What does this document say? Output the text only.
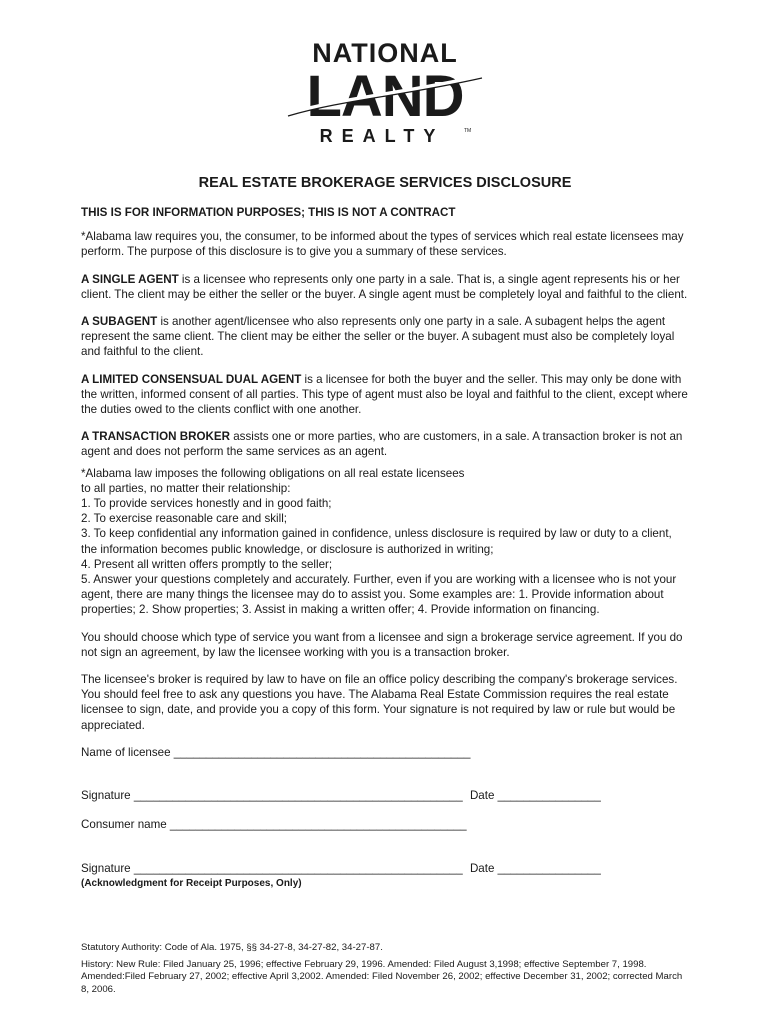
NATIONAL
LAND
REALTY	TM
REAL ESTATE BROKERAGE SERVICES DISCLOSURE

THIS IS FOR INFORMATION PURPOSES; THIS IS NOT A CONTRACT

*Alabama law requires you, the consumer, to be informed about the types of services which real estate licensees may perform. The purpose of this disclosure is to give you a summary of these services.

A SINGLE AGENT is a licensee who represents only one party in a sale. That is, a single agent represents his or her client. The client may be either the seller or the buyer. A single agent must be completely loyal and faithful to the client.

A SUBAGENT is another agent/licensee who also represents only one party in a sale. A subagent helps the agent represent the same client. The client may be either the seller or the buyer. A subagent must also be completely loyal and faithful to the client.

A LIMITED CONSENSUAL DUAL AGENT is a licensee for both the buyer and the seller. This may only be done with the written, informed consent of all parties. This type of agent must also be loyal and faithful to the client, except where the duties owed to the clients conflict with one another.

A TRANSACTION BROKER assists one or more parties, who are customers, in a sale. A transaction broker is not an agent and does not perform the same services as an agent.

*Alabama law imposes the following obligations on all real estate licensees

to all parties, no matter their relationship:

1. To provide services honestly and in good faith;

2. To exercise reasonable care and skill;

3. To keep confidential any information gained in confidence, unless disclosure is required by law or duty to a client, the information becomes public knowledge, or disclosure is authorized in writing;

4. Present all written offers promptly to the seller;

5. Answer your questions completely and accurately. Further, even if you are working with a licensee who is not your agent, there are many things the licensee may do to assist you. Some examples are: 1. Provide information about properties; 2. Show properties; 3. Assist in making a written offer; 4. Provide information on financing.

You should choose which type of service you want from a licensee and sign a brokerage service agreement. If you do not sign an agreement, by law the licensee working with you is a transaction broker.

The licensee's broker is required by law to have on file an office policy describing the company's brokerage services. You should feel free to ask any questions you have. The Alabama Real Estate Commission requires the real estate licensee to sign, date, and provide you a copy of this form. Your signature is not required by law or rule but would be appreciated.

Name of licensee ______________________________________________

Signature ___________________________________________________ Date ________________

Consumer name ______________________________________________

Signature ___________________________________________________ Date ________________

(Acknowledgment for Receipt Purposes, Only)

Statutory Authority: Code of Ala. 1975, §§ 34-27-8, 34-27-82, 34-27-87.

History: New Rule: Filed January 25, 1996; effective February 29, 1996. Amended: Filed August 3,1998; effective September 7, 1998. Amended:Filed February 27, 2002; effective April 3,2002. Amended: Filed November 26, 2002; effective December 31, 2002; corrected March 8, 2006.
